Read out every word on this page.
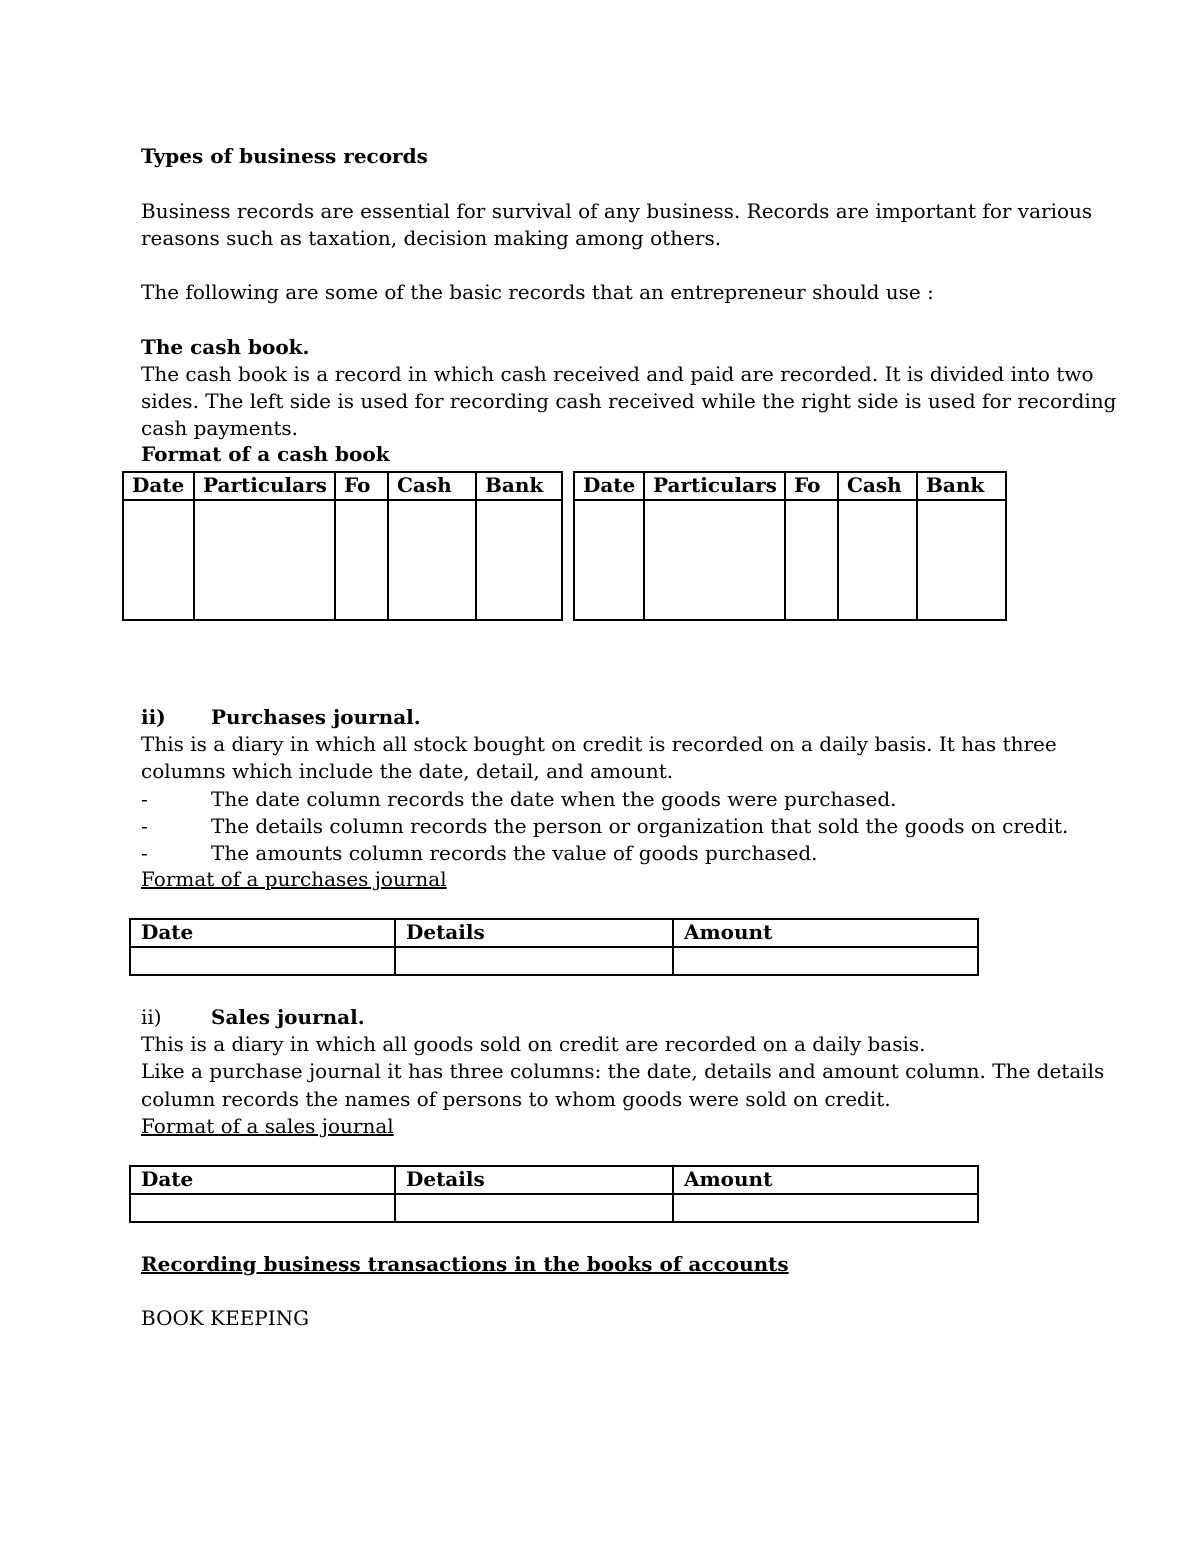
Types of business records
Business records are essential for survival of any business. Records are important for various
reasons such as taxation, decision making among others.
The following are some of the basic records that an entrepreneur should use :
The cash book.
The cash book is a record in which cash received and paid are recorded. It is divided into two
sides. The left side is used for recording cash received while the right side is used for recording
cash payments.
Format of a cash book
Date	Particulars	Fo	Cash	Bank		Date	Particulars	Fo	Cash	Bank

ii) Purchases journal.
This is a diary in which all stock bought on credit is recorded on a daily basis. It has three
columns which include the date, detail, and amount.
-	The date column records the date when the goods were purchased.
-	The details column records the person or organization that sold the goods on credit.
-	The amounts column records the value of goods purchased.
Format of a purchases journal
Date	Details	Amount

ii) Sales journal.
This is a diary in which all goods sold on credit are recorded on a daily basis.
Like a purchase journal it has three columns: the date, details and amount column. The details
column records the names of persons to whom goods were sold on credit.
Format of a sales journal
Date	Details	Amount

Recording business transactions in the books of accounts
BOOK KEEPING
